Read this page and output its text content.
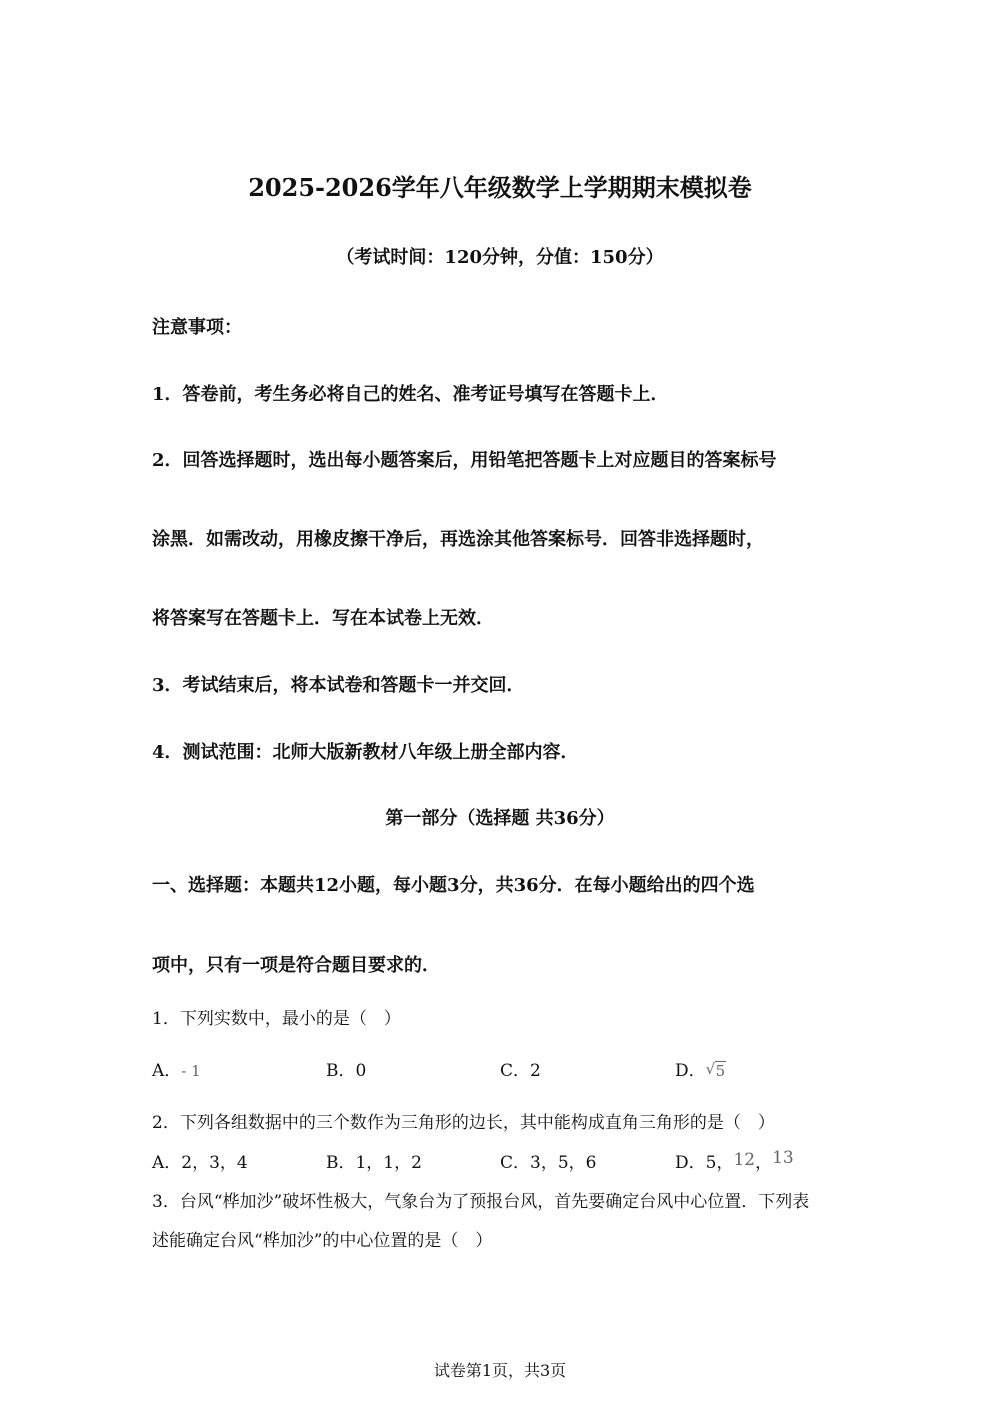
2025-2026学年八年级数学上学期期末模拟卷
（考试时间：120分钟，分值：150分）
注意事项：
1．答卷前，考生务必将自己的姓名、准考证号填写在答题卡上．
2．回答选择题时，选出每小题答案后，用铅笔把答题卡上对应题目的答案标号
涂黑．如需改动，用橡皮擦干净后，再选涂其他答案标号．回答非选择题时，
将答案写在答题卡上．写在本试卷上无效．
3．考试结束后，将本试卷和答题卡一并交回．
4．测试范围：北师大版新教材八年级上册全部内容．
第一部分（选择题 共36分）
一、选择题：本题共12小题，每小题3分，共36分．在每小题给出的四个选
项中，只有一项是符合题目要求的．
1．下列实数中，最小的是（　）
A．- 1	B．0	C．2	D． √ 5
2．下列各组数据中的三个数作为三角形的边长，其中能构成直角三角形的是（　）
A．2，3，4	B．1，1，2	C．3，5，6	D．5，12，13
3．台风“桦加沙”破坏性极大，气象台为了预报台风，首先要确定台风中心位置．下列表
述能确定台风“桦加沙”的中心位置的是（　）
试卷第1页，共3页
